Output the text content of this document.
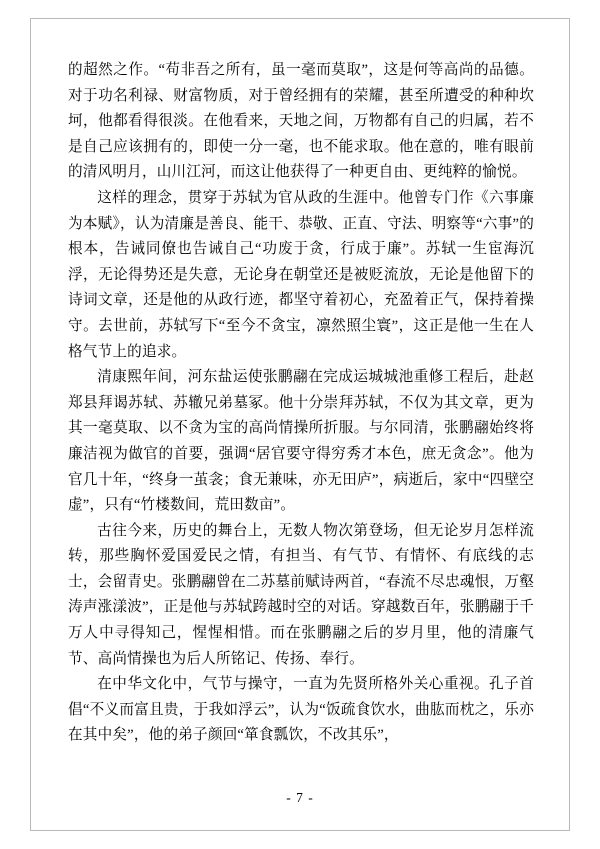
的超然之作。“苟非吾之所有，虽一毫而莫取”，这是何等高尚的品德。对于功名利禄、财富物质，对于曾经拥有的荣耀，甚至所遭受的种种坎坷，他都看得很淡。在他看来，天地之间，万物都有自己的归属，若不是自己应该拥有的，即使一分一毫，也不能求取。他在意的，唯有眼前的清风明月，山川江河，而这让他获得了一种更自由、更纯粹的愉悦。

这样的理念，贯穿于苏轼为官从政的生涯中。他曾专门作《六事廉为本赋》，认为清廉是善良、能干、恭敬、正直、守法、明察等“六事”的根本，告诫同僚也告诫自己“功废于贪，行成于廉”。苏轼一生宦海沉浮，无论得势还是失意，无论身在朝堂还是被贬流放，无论是他留下的诗词文章，还是他的从政行迹，都坚守着初心，充盈着正气，保持着操守。去世前，苏轼写下“至今不贪宝，凛然照尘寰”，这正是他一生在人格气节上的追求。

清康熙年间，河东盐运使张鹏翮在完成运城城池重修工程后，赴赵郑县拜谒苏轼、苏辙兄弟墓冢。他十分崇拜苏轼，不仅为其文章，更为其一毫莫取、以不贪为宝的高尚情操所折服。与尔同清，张鹏翮始终将廉洁视为做官的首要，强调“居官要守得穷秀才本色，庶无贪念”。他为官几十年，“终身一茧衾；食无兼味，亦无田庐”，病逝后，家中“四壁空虚”，只有“竹楼数间，荒田数亩”。

古往今来，历史的舞台上，无数人物次第登场，但无论岁月怎样流转，那些胸怀爱国爱民之情，有担当、有气节、有情怀、有底线的志士，会留青史。张鹏翮曾在二苏墓前赋诗两首，“春流不尽忠魂恨，万壑涛声涨漾波”，正是他与苏轼跨越时空的对话。穿越数百年，张鹏翮于千万人中寻得知己，惺惺相惜。而在张鹏翮之后的岁月里，他的清廉气节、高尚情操也为后人所铭记、传扬、奉行。

在中华文化中，气节与操守，一直为先贤所格外关心重视。孔子首倡“不义而富且贵，于我如浮云”，认为“饭疏食饮水，曲肱而枕之，乐亦在其中矣”，他的弟子颜回“箪食瓢饮，不改其乐”，

- 7 -
